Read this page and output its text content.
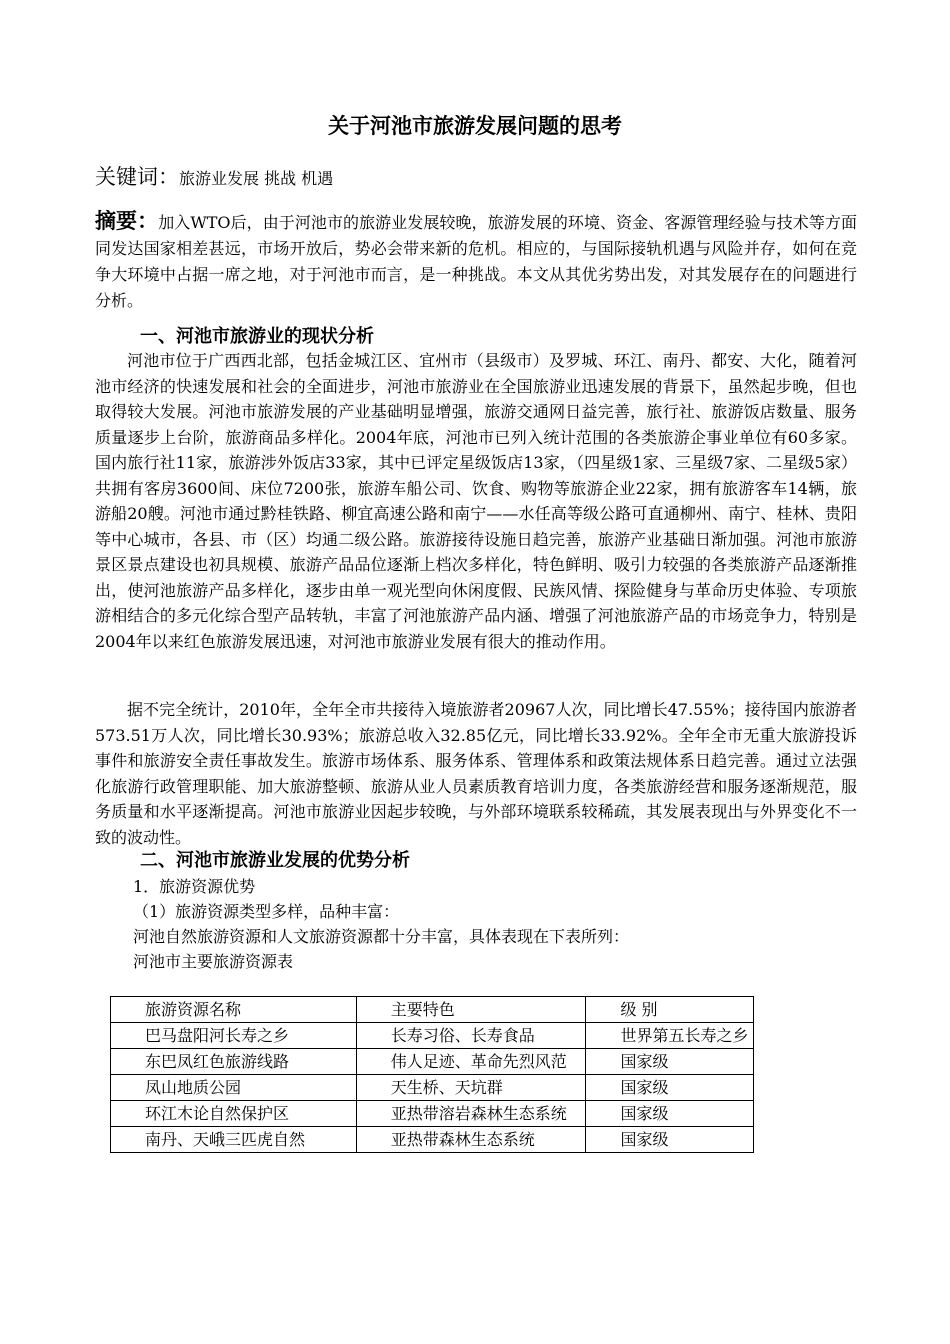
关于河池市旅游发展问题的思考
关键词：旅游业发展 挑战 机遇
摘要：加入WTO后，由于河池市的旅游业发展较晚，旅游发展的环境、资金、客源管理经验与技术等方面同发达国家相差甚远，市场开放后，势必会带来新的危机。相应的，与国际接轨机遇与风险并存，如何在竞争大环境中占据一席之地，对于河池市而言，是一种挑战。本文从其优劣势出发，对其发展存在的问题进行分析。
一、河池市旅游业的现状分析
河池市位于广西西北部，包括金城江区、宜州市（县级市）及罗城、环江、南丹、都安、大化，随着河池市经济的快速发展和社会的全面进步，河池市旅游业在全国旅游业迅速发展的背景下，虽然起步晚，但也取得较大发展。河池市旅游发展的产业基础明显增强，旅游交通网日益完善，旅行社、旅游饭店数量、服务质量逐步上台阶，旅游商品多样化。2004年底，河池市已列入统计范围的各类旅游企事业单位有60多家。国内旅行社11家，旅游涉外饭店33家，其中已评定星级饭店13家，（四星级1家、三星级7家、二星级5家）共拥有客房3600间、床位7200张，旅游车船公司、饮食、购物等旅游企业22家，拥有旅游客车14辆，旅游船20艘。河池市通过黔桂铁路、柳宜高速公路和南宁——水任高等级公路可直通柳州、南宁、桂林、贵阳等中心城市，各县、市（区）均通二级公路。旅游接待设施日趋完善，旅游产业基础日渐加强。河池市旅游景区景点建设也初具规模、旅游产品品位逐渐上档次多样化，特色鲜明、吸引力较强的各类旅游产品逐渐推出，使河池旅游产品多样化，逐步由单一观光型向休闲度假、民族风情、探险健身与革命历史体验、专项旅游相结合的多元化综合型产品转轨，丰富了河池旅游产品内涵、增强了河池旅游产品的市场竞争力，特别是2004年以来红色旅游发展迅速，对河池市旅游业发展有很大的推动作用。
据不完全统计，2010年，全年全市共接待入境旅游者20967人次，同比增长47.55%；接待国内旅游者573.51万人次，同比增长30.93%；旅游总收入32.85亿元，同比增长33.92%。全年全市无重大旅游投诉事件和旅游安全责任事故发生。旅游市场体系、服务体系、管理体系和政策法规体系日趋完善。通过立法强化旅游行政管理职能、加大旅游整顿、旅游从业人员素质教育培训力度，各类旅游经营和服务逐渐规范，服务质量和水平逐渐提高。河池市旅游业因起步较晚，与外部环境联系较稀疏，其发展表现出与外界变化不一致的波动性。
二、河池市旅游业发展的优势分析
1．旅游资源优势
（1）旅游资源类型多样，品种丰富：
河池自然旅游资源和人文旅游资源都十分丰富，具体表现在下表所列：
河池市主要旅游资源表
旅游资源名称	主要特色	级 别
巴马盘阳河长寿之乡	长寿习俗、长寿食品	世界第五长寿之乡
东巴凤红色旅游线路	伟人足迹、革命先烈风范	国家级
凤山地质公园	天生桥、天坑群	国家级
环江木论自然保护区	亚热带溶岩森林生态系统	国家级
南丹、天峨三匹虎自然	亚热带森林生态系统	国家级
